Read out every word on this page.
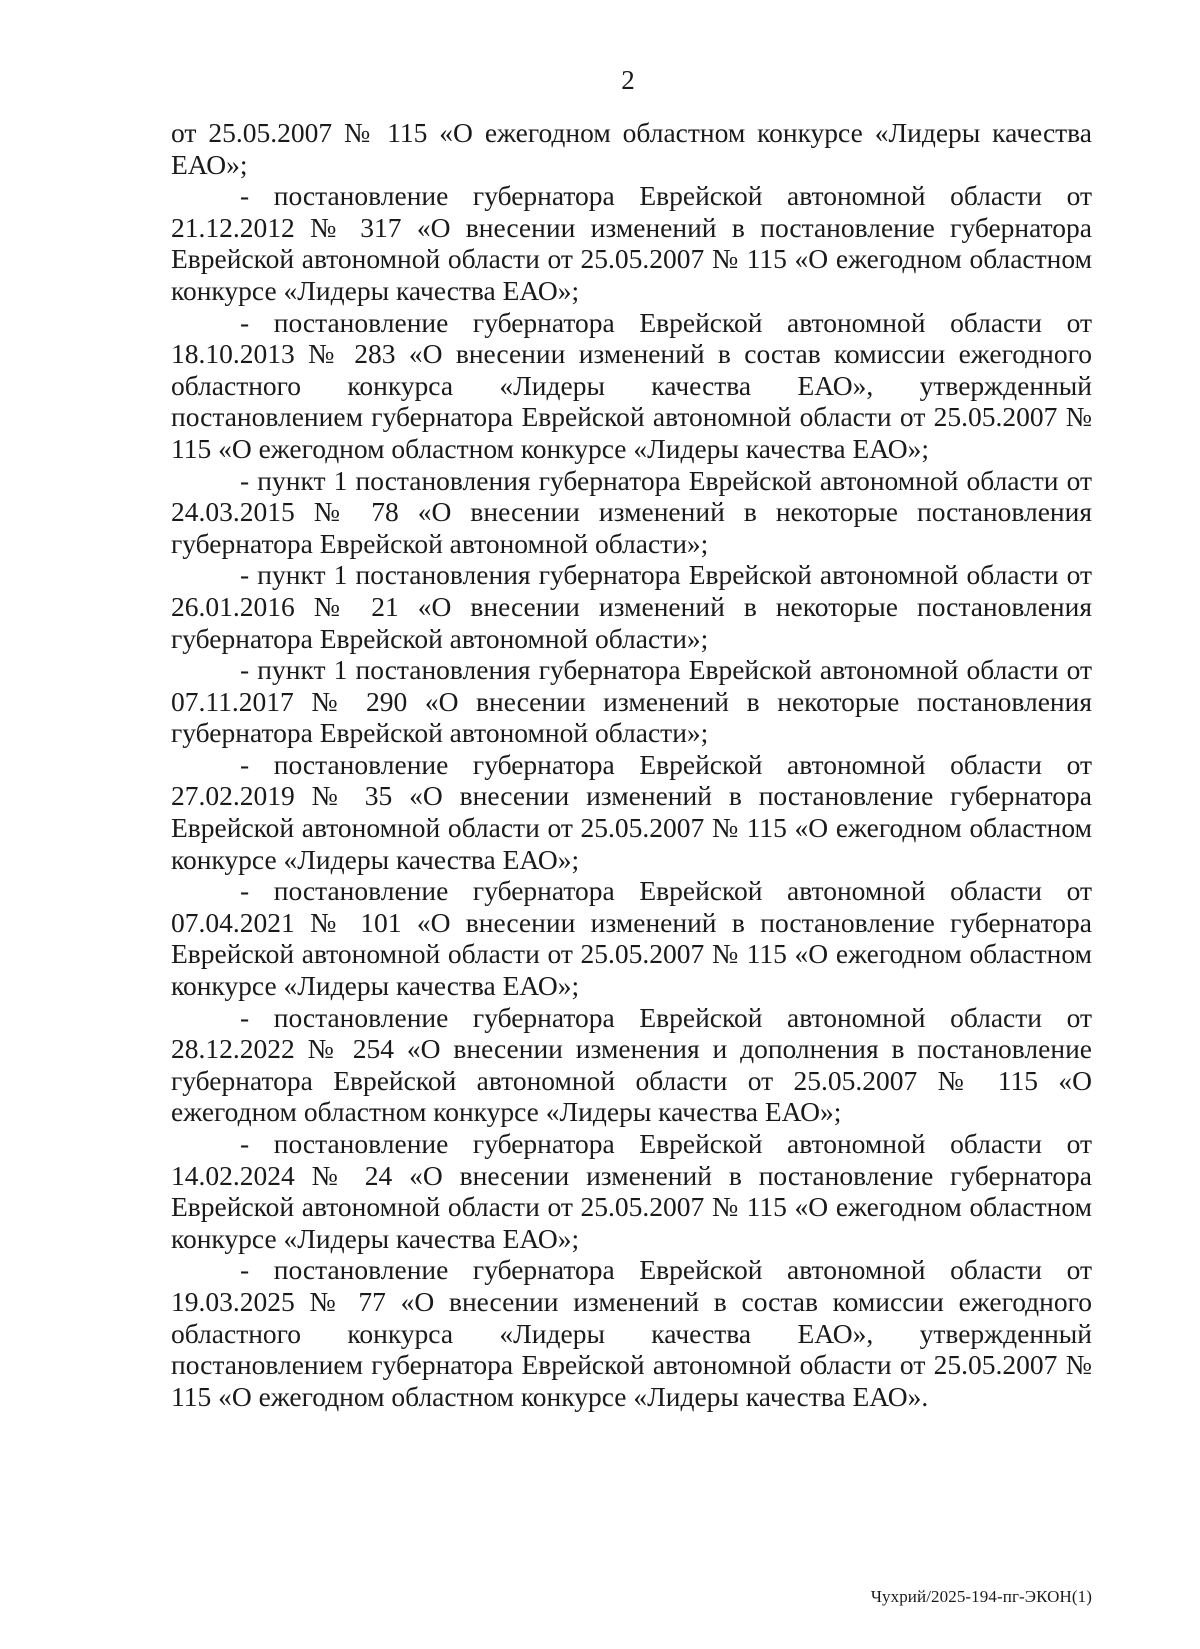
2

от 25.05.2007 № 115 «О ежегодном областном конкурсе «Лидеры качества ЕАО»;

- постановление губернатора Еврейской автономной области от 21.12.2012 № 317 «О внесении изменений в постановление губернатора Еврейской автономной области от 25.05.2007 № 115 «О ежегодном областном конкурсе «Лидеры качества ЕАО»;

- постановление губернатора Еврейской автономной области от 18.10.2013 № 283 «О внесении изменений в состав комиссии ежегодного областного конкурса «Лидеры качества ЕАО», утвержденный постановлением губернатора Еврейской автономной области от 25.05.2007 № 115 «О ежегодном областном конкурсе «Лидеры качества ЕАО»;

- пункт 1 постановления губернатора Еврейской автономной области от 24.03.2015 № 78 «О внесении изменений в некоторые постановления губернатора Еврейской автономной области»;

- пункт 1 постановления губернатора Еврейской автономной области от 26.01.2016 № 21 «О внесении изменений в некоторые постановления губернатора Еврейской автономной области»;

- пункт 1 постановления губернатора Еврейской автономной области от 07.11.2017 № 290 «О внесении изменений в некоторые постановления губернатора Еврейской автономной области»;

- постановление губернатора Еврейской автономной области от 27.02.2019 № 35 «О внесении изменений в постановление губернатора Еврейской автономной области от 25.05.2007 № 115 «О ежегодном областном конкурсе «Лидеры качества ЕАО»;

- постановление губернатора Еврейской автономной области от 07.04.2021 № 101 «О внесении изменений в постановление губернатора Еврейской автономной области от 25.05.2007 № 115 «О ежегодном областном конкурсе «Лидеры качества ЕАО»;

- постановление губернатора Еврейской автономной области от 28.12.2022 № 254 «О внесении изменения и дополнения в постановление губернатора Еврейской автономной области от 25.05.2007 № 115 «О ежегодном областном конкурсе «Лидеры качества ЕАО»;

- постановление губернатора Еврейской автономной области от 14.02.2024 № 24 «О внесении изменений в постановление губернатора Еврейской автономной области от 25.05.2007 № 115 «О ежегодном областном конкурсе «Лидеры качества ЕАО»;

- постановление губернатора Еврейской автономной области от 19.03.2025 № 77 «О внесении изменений в состав комиссии ежегодного областного конкурса «Лидеры качества ЕАО», утвержденный постановлением губернатора Еврейской автономной области от 25.05.2007 № 115 «О ежегодном областном конкурсе «Лидеры качества ЕАО».

Чухрий/2025-194-пг-ЭКОН(1)
